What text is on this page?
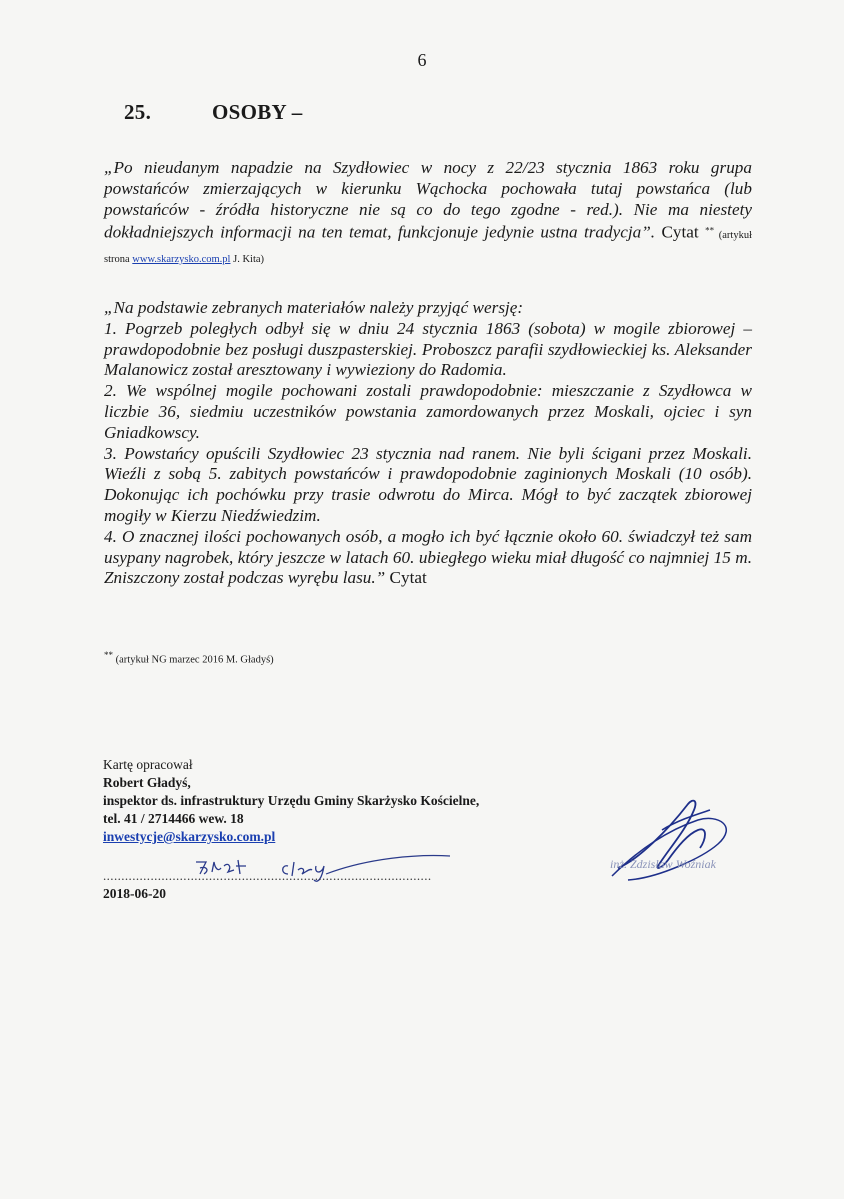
6
25.	OSOBY –
„Po nieudanym napadzie na Szydłowiec w nocy z 22/23 stycznia 1863 roku grupa powstańców zmierzających w kierunku Wąchocka pochowała tutaj powstańca (lub powstańców - źródła historyczne nie są co do tego zgodne - red.). Nie ma niestety dokładniejszych informacji na ten temat, funkcjonuje jedynie ustna tradycja”. Cytat ** (artykuł strona www.skarzysko.com.pl J. Kita)

„Na podstawie zebranych materiałów należy przyjąć wersję:

1. Pogrzeb poległych odbył się w dniu 24 stycznia 1863 (sobota) w mogile zbiorowej – prawdopodobnie bez posługi duszpasterskiej. Proboszcz parafii szydłowieckiej ks. Aleksander Malanowicz został aresztowany i wywieziony do Radomia.

2. We wspólnej mogile pochowani zostali prawdopodobnie: mieszczanie z Szydłowca w liczbie 36, siedmiu uczestników powstania zamordowanych przez Moskali, ojciec i syn Gniadkowscy.

3. Powstańcy opuścili Szydłowiec 23 stycznia nad ranem. Nie byli ścigani przez Moskali. Wieźli z sobą 5. zabitych powstańców i prawdopodobnie zaginionych Moskali (10 osób). Dokonując ich pochówku przy trasie odwrotu do Mirca. Mógł to być zaczątek zbiorowej mogiły w Kierzu Niedźwiedzim.

4. O znacznej ilości pochowanych osób, a mogło ich być łącznie około 60. świadczył też sam usypany nagrobek, który jeszcze w latach 60. ubiegłego wieku miał długość co najmniej 15 m. Zniszczony został podczas wyrębu lasu.” Cytat

** (artykuł NG marzec 2016 M. Gładyś)
Kartę opracował
Robert Gładyś,
inspektor ds. infrastruktury Urzędu Gminy Skarżysko Kościelne,
tel. 41 / 2714466 wew. 18
inwestycje@skarzysko.com.pl
..........................................................................................
2018-06-20
inż. Zdzisław Woźniak
